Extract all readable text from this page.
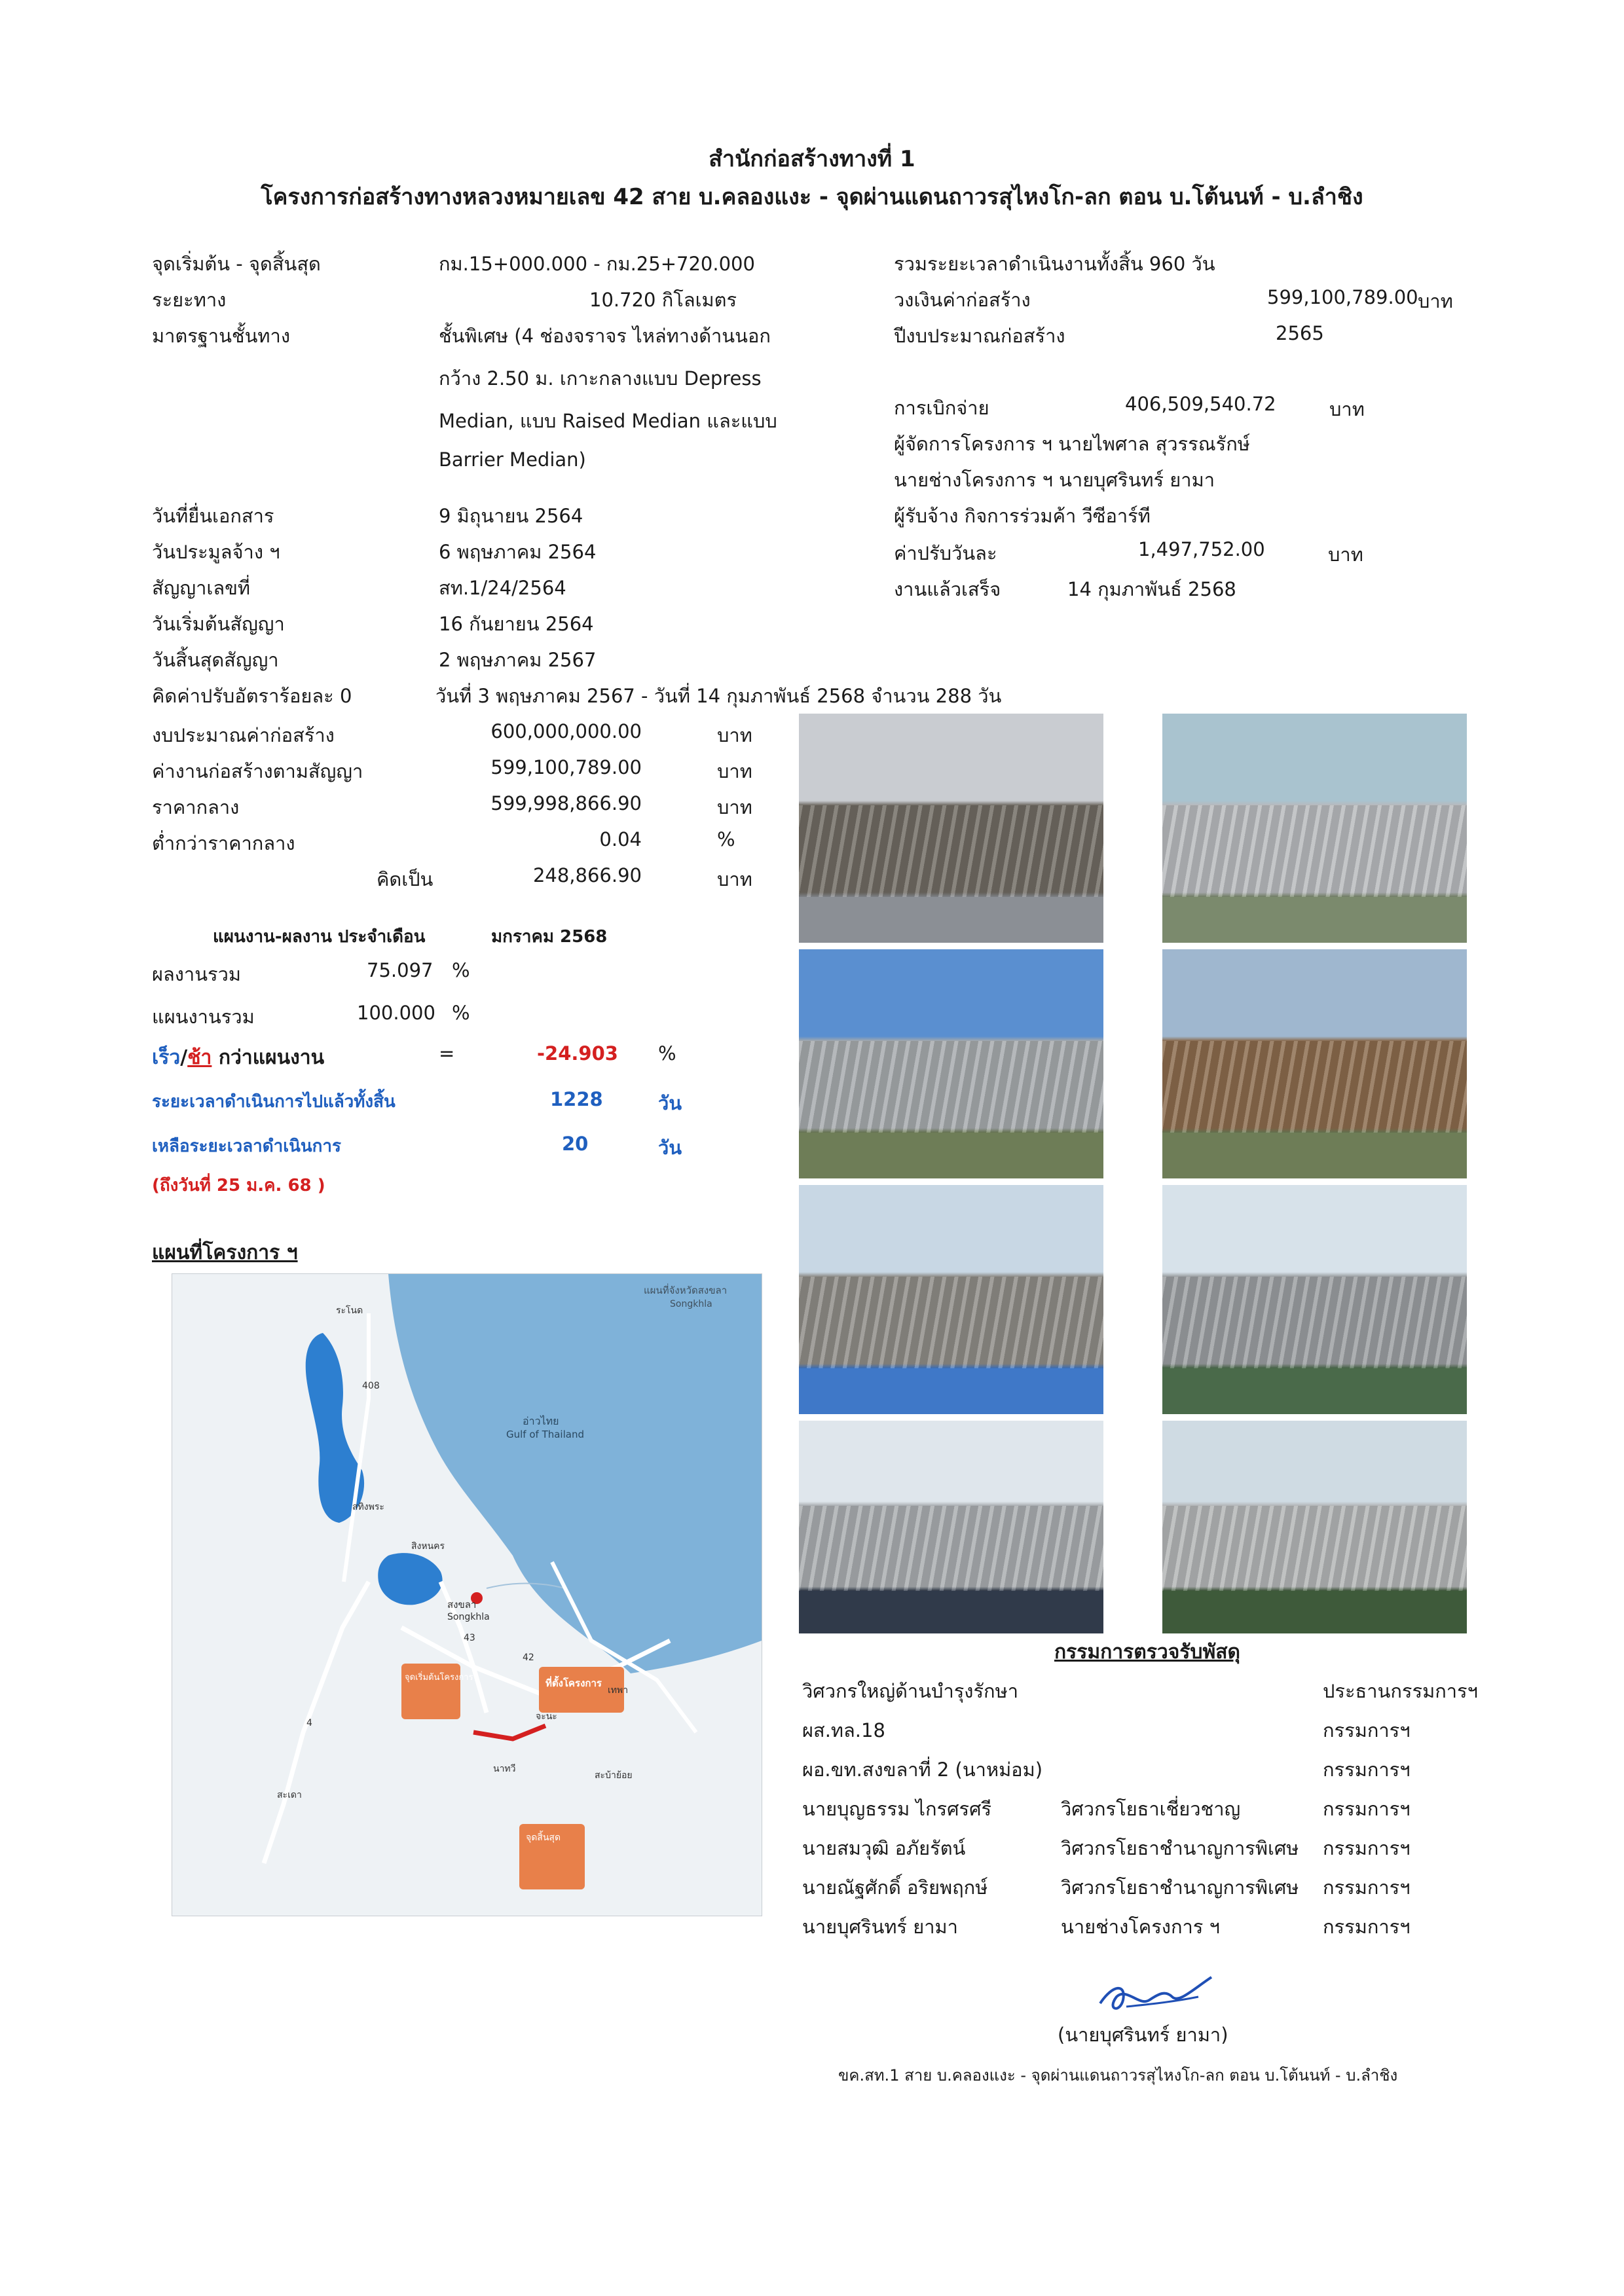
สำนักก่อสร้างทางที่ 1
โครงการก่อสร้างทางหลวงหมายเลข 42 สาย บ.คลองแงะ - จุดผ่านแดนถาวรสุไหงโก-ลก ตอน บ.โต้นนท์ - บ.ลำชิง
จุดเริ่มต้น - จุดสิ้นสุด	กม.15+000.000 - กม.25+720.000
ระยะทาง	10.720 กิโลเมตร
มาตรฐานชั้นทาง	ชั้นพิเศษ (4 ช่องจราจร ไหล่ทางด้านนอก
กว้าง 2.50 ม. เกาะกลางแบบ Depress
Median, แบบ Raised Median และแบบ
Barrier Median)
วันที่ยื่นเอกสาร	9 มิถุนายน 2564
วันประมูลจ้าง ฯ	6 พฤษภาคม 2564
สัญญาเลขที่	สท.1/24/2564
วันเริ่มต้นสัญญา	16 กันยายน 2564
วันสิ้นสุดสัญญา	2 พฤษภาคม 2567
คิดค่าปรับอัตราร้อยละ 0	วันที่ 3 พฤษภาคม 2567 - วันที่ 14 กุมภาพันธ์ 2568 จำนวน 288 วัน
รวมระยะเวลาดำเนินงานทั้งสิ้น 960 วัน
วงเงินค่าก่อสร้าง	599,100,789.00 บาท
ปีงบประมาณก่อสร้าง	2565
การเบิกจ่าย	406,509,540.72	บาท
ผู้จัดการโครงการ ฯ นายไพศาล สุวรรณรักษ์
นายช่างโครงการ ฯ นายบุศรินทร์ ยามา
ผู้รับจ้าง กิจการร่วมค้า วีซีอาร์ที
ค่าปรับวันละ	1,497,752.00	บาท
งานแล้วเสร็จ	14 กุมภาพันธ์ 2568
งบประมาณค่าก่อสร้าง	600,000,000.00	บาท
ค่างานก่อสร้างตามสัญญา	599,100,789.00	บาท
ราคากลาง	599,998,866.90	บาท
ต่ำกว่าราคากลาง	0.04	%
คิดเป็น	248,866.90	บาท
แผนงาน-ผลงาน ประจำเดือน	มกราคม 2568
ผลงานรวม	75.097 %
แผนงานรวม	100.000 %
เร็ว/ช้า กว่าแผนงาน	=	-24.903 %
ระยะเวลาดำเนินการไปแล้วทั้งสิ้น	1228	วัน
เหลือระยะเวลาดำเนินการ	20	วัน
(ถึงวันที่ 25 ม.ค. 68 )
แผนที่โครงการ ฯ
แผนที่จังหวัดสงขลา
Songkhla
อ่าวไทย
Gulf of Thailand
สงขลา
Songkhla
สทิงพระ
สิงหนคร
เทพา
จะนะ
สะเดา
นาทวี
ระโนด
สะบ้าย้อย
จุดเริ่มต้นโครงการ	ที่ตั้งโครงการ
จุดสิ้นสุด
42
43
408
4
กรรมการตรวจรับพัสดุ
วิศวกรใหญ่ด้านบำรุงรักษา	ประธานกรรมการฯ
ผส.ทล.18	กรรมการฯ
ผอ.ขท.สงขลาที่ 2 (นาหม่อม)	กรรมการฯ
นายบุญธรรม ไกรศรศรี	วิศวกรโยธาเชี่ยวชาญ	กรรมการฯ
นายสมวุฒิ อภัยรัตน์	วิศวกรโยธาชำนาญการพิเศษ กรรมการฯ
นายณัฐศักดิ์ อริยพฤกษ์	วิศวกรโยธาชำนาญการพิเศษ กรรมการฯ
นายบุศรินทร์ ยามา	นายช่างโครงการ ฯ	กรรมการฯ
(นายบุศรินทร์ ยามา)
ขค.สท.1 สาย บ.คลองแงะ - จุดผ่านแดนถาวรสุไหงโก-ลก ตอน บ.โต้นนท์ - บ.ลำชิง
